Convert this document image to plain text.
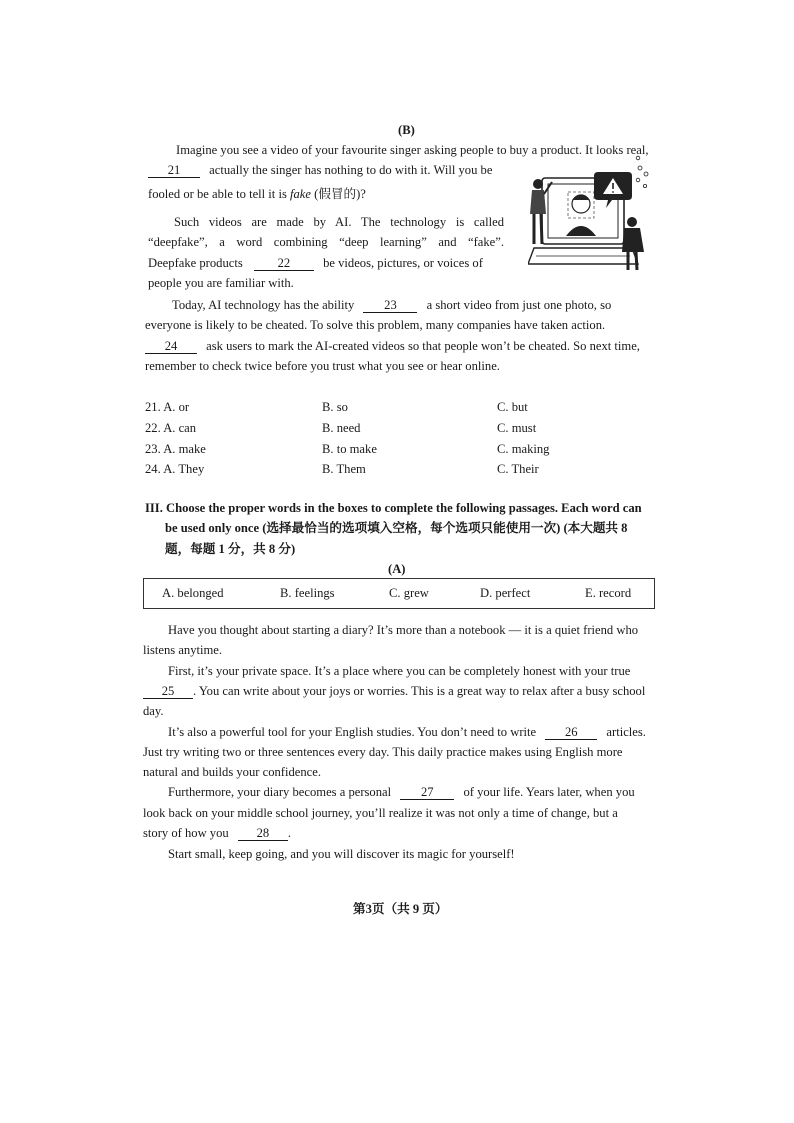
(B)
Imagine you see a video of your favourite singer asking people to buy a product. It looks real,
21 actually the singer has nothing to do with it. Will you be
fooled or be able to tell it is fake (假冒的)?
Such videos are made by AI. The technology is called
“deepfake”, a word combining “deep learning” and “fake”.
Deepfake products	22	be videos, pictures, or voices of
people you are familiar with.
Today, AI technology has the ability 23 a short video from just one photo, so
everyone is likely to be cheated. To solve this problem, many companies have taken action.
24 ask users to mark the AI-created videos so that people won’t be cheated. So next time,
remember to check twice before you trust what you see or hear online.
21. A. or	B. so	C. but
22. A. can	B. need	C. must
23. A. make	B. to make	C. making
24. A. They	B. Them	C. Their
III. Choose the proper words in the boxes to complete the following passages. Each word can
be used only once (选择最恰当的选项填入空格，每个选项只能使用一次) (本大题共 8
题，每题 1 分，共 8 分)
(A)
A. belonged	B. feelings	C. grew	D. perfect	E. record
Have you thought about starting a diary? It’s more than a notebook — it is a quiet friend who
listens anytime.
First, it’s your private space. It’s a place where you can be completely honest with your true
25 . You can write about your joys or worries. This is a great way to relax after a busy school
day.
It’s also a powerful tool for your English studies. You don’t need to write 26 articles.
Just try writing two or three sentences every day. This daily practice makes using English more
natural and builds your confidence.
Furthermore, your diary becomes a personal 27 of your life. Years later, when you
look back on your middle school journey, you’ll realize it was not only a time of change, but a
story of how you 28 .
Start small, keep going, and you will discover its magic for yourself!
第3页（共 9 页）
